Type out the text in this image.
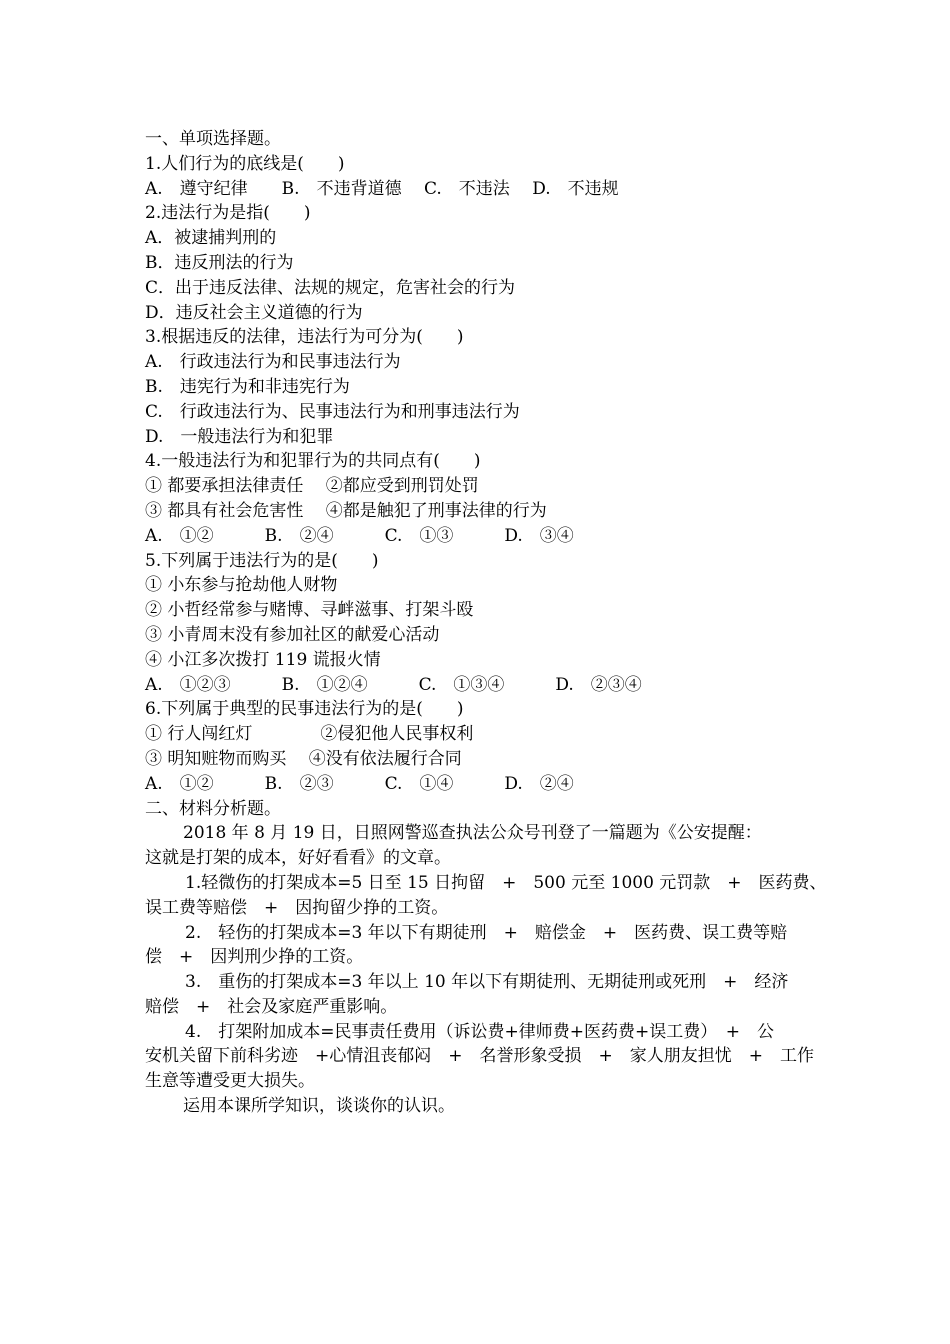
一、单项选择题。
1.人们行为的底线是(　　)
A.　遵守纪律　　B.　不违背道德　 C.　不违法　 D.　不违规
2.违法行为是指(　　)
A．被逮捕判刑的
B．违反刑法的行为
C．出于违反法律、法规的规定，危害社会的行为
D．违反社会主义道德的行为
3.根据违反的法律，违法行为可分为(　　)
A.　行政违法行为和民事违法行为
B.　违宪行为和非违宪行为
C.　行政违法行为、民事违法行为和刑事违法行为
D.　一般违法行为和犯罪
4.一般违法行为和犯罪行为的共同点有(　　)
① 都要承担法律责任　 ②都应受到刑罚处罚
③ 都具有社会危害性　 ④都是触犯了刑事法律的行为
A.　①②　　　B.　②④　　　C.　①③　　　D.　③④
5.下列属于违法行为的是(　　)
① 小东参与抢劫他人财物
② 小哲经常参与赌博、寻衅滋事、打架斗殴
③ 小青周末没有参加社区的献爱心活动
④ 小江多次拨打 119 谎报火情
A.　①②③　　　B.　①②④　　　C.　①③④　　　D.　②③④
6.下列属于典型的民事违法行为的是(　　)
① 行人闯红灯　　　　②侵犯他人民事权利
③ 明知赃物而购买　 ④没有依法履行合同
A.　①②　　　B.　②③　　　C.　①④　　　D.　②④
二、材料分析题。
2018 年 8 月 19 日，日照网警巡查执法公众号刊登了一篇题为《公安提醒：
这就是打架的成本，好好看看》的文章。
1.轻微伤的打架成本=5 日至 15 日拘留　+　500 元至 1000 元罚款　+　医药费、
误工费等赔偿　+　因拘留少挣的工资。
2.　轻伤的打架成本=3 年以下有期徒刑　+　赔偿金　+　医药费、误工费等赔
偿　+　因判刑少挣的工资。
3.　重伤的打架成本=3 年以上 10 年以下有期徒刑、无期徒刑或死刑　+　经济
赔偿　+　社会及家庭严重影响。
4.　打架附加成本=民事责任费用（诉讼费+律师费+医药费+误工费）　+　公
安机关留下前科劣迹　+心情沮丧郁闷　+　名誉形象受损　+　家人朋友担忧　+　工作
生意等遭受更大损失。
运用本课所学知识，谈谈你的认识。
